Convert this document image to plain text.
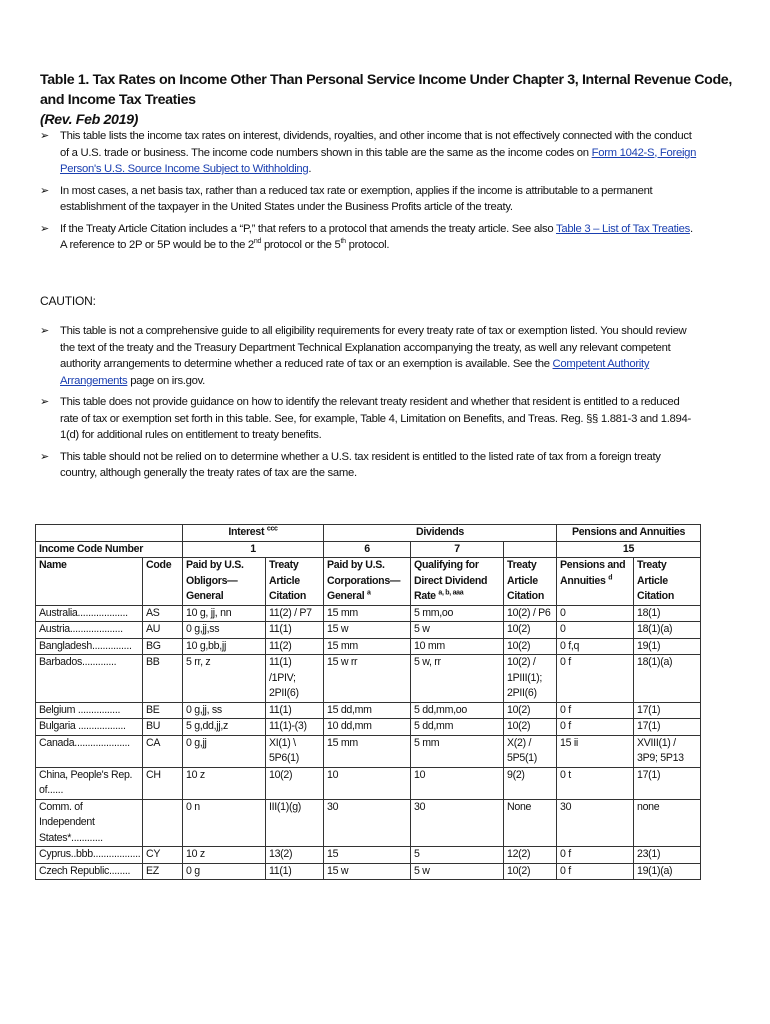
Table 1. Tax Rates on Income Other Than Personal Service Income Under Chapter 3, Internal Revenue Code, and Income Tax Treaties
(Rev. Feb 2019)
➢ This table lists the income tax rates on interest, dividends, royalties, and other income that is not effectively connected with the conduct of a U.S. trade or business. The income code numbers shown in this table are the same as the income codes on Form 1042-S, Foreign Person's U.S. Source Income Subject to Withholding.
➢ In most cases, a net basis tax, rather than a reduced tax rate or exemption, applies if the income is attributable to a permanent establishment of the taxpayer in the United States under the Business Profits article of the treaty.
➢ If the Treaty Article Citation includes a “P,” that refers to a protocol that amends the treaty article. See also Table 3 – List of Tax Treaties. A reference to 2P or 5P would be to the 2nd protocol or the 5th protocol.
CAUTION:
➢ This table is not a comprehensive guide to all eligibility requirements for every treaty rate of tax or exemption listed. You should review the text of the treaty and the Treasury Department Technical Explanation accompanying the treaty, as well any relevant competent authority arrangements to determine whether a reduced rate of tax or an exemption is available. See the Competent Authority Arrangements page on irs.gov.
➢ This table does not provide guidance on how to identify the relevant treaty resident and whether that resident is entitled to a reduced rate of tax or exemption set forth in this table. See, for example, Table 4, Limitation on Benefits, and Treas. Reg. §§ 1.881-3 and 1.894-1(d) for additional rules on entitlement to treaty benefits.
➢ This table should not be relied on to determine whether a U.S. tax resident is entitled to the listed rate of tax from a foreign treaty country, although generally the treaty rates of tax are the same.
		Interest $^{ccc}$		Dividends			Pensions and Annuities	
Income Code Number		1		6	7		15	
Name	Code	Paid by U.S. Obligors— General	Treaty Article Citation	Paid by U.S. Corporations— General $^a$	Qualifying for Direct Dividend Rate $^{a, b, aaa}$	Treaty Article Citation	Pensions and Annuities $^d$	Treaty Article Citation
Australia...................	AS	10 g, jj, nn	11(2) / P7	15 mm	5 mm,oo	10(2) / P6	0	18(1)
Austria....................	AU	0 g,jj,ss	11(1)	15 w	5 w	10(2)	0	18(1)(a)
Bangladesh...............	BG	10 g,bb,jj	11(2)	15 mm	10 mm	10(2)	0 f,q	19(1)
Barbados.............	BB	5 rr, z	11(1) /1PIV; 2PII(6)	15 w rr	5 w, rr	10(2) / 1PIII(1); 2PII(6)	0 f	18(1)(a)
Belgium ................	BE	0 g,jj, ss	11(1)	15 dd,mm	5 dd,mm,oo	10(2)	0 f	17(1)
Bulgaria ..................	BU	5 g,dd,jj,z	11(1)-(3)	10 dd,mm	5 dd,mm	10(2)	0 f	17(1)
Canada.....................	CA	0 g,jj	XI(1) \ 5P6(1)	15 mm	5 mm	X(2) / 5P5(1)	15 ii	XVIII(1) / 3P9; 5P13
China, People's Rep. of......	CH	10 z	10(2)	10	10	9(2)	0 t	17(1)
Comm. of Independent States*............		0 n	III(1)(g)	30	30	None	30	none
Cyprus..bbb..................	CY	10 z	13(2)	15	5	12(2)	0 f	23(1)
Czech Republic........	EZ	0 g	11(1)	15 w	5 w	10(2)	0 f	19(1)(a)
